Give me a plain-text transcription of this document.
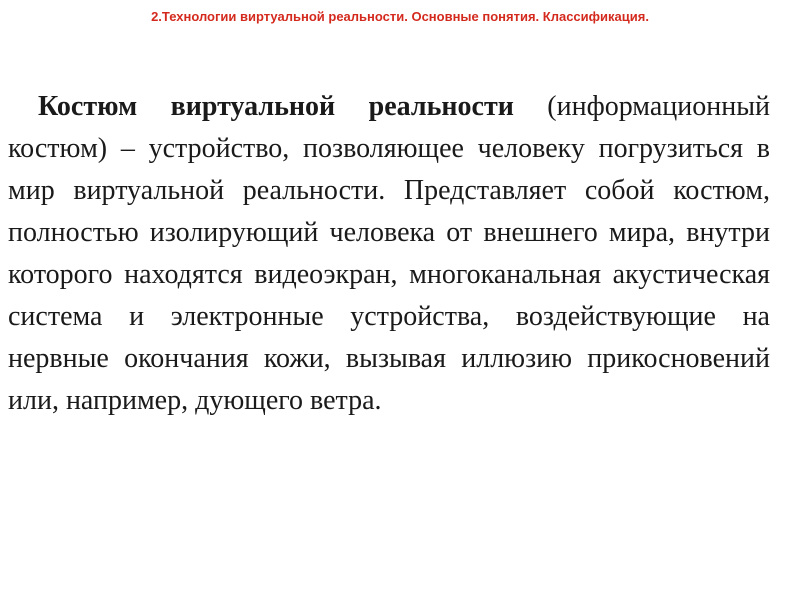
2.Технологии виртуальной реальности. Основные понятия. Классификация.

Костюм виртуальной реальности (информационный костюм) – устройство, позволяющее человеку погрузиться в мир виртуальной реальности. Представляет собой костюм, полностью изолирующий человека от внешнего мира, внутри которого находятся видеоэкран, многоканальная акустическая система и электронные устройства, воздействующие на нервные окончания кожи, вызывая иллюзию прикосновений или, например, дующего ветра.
